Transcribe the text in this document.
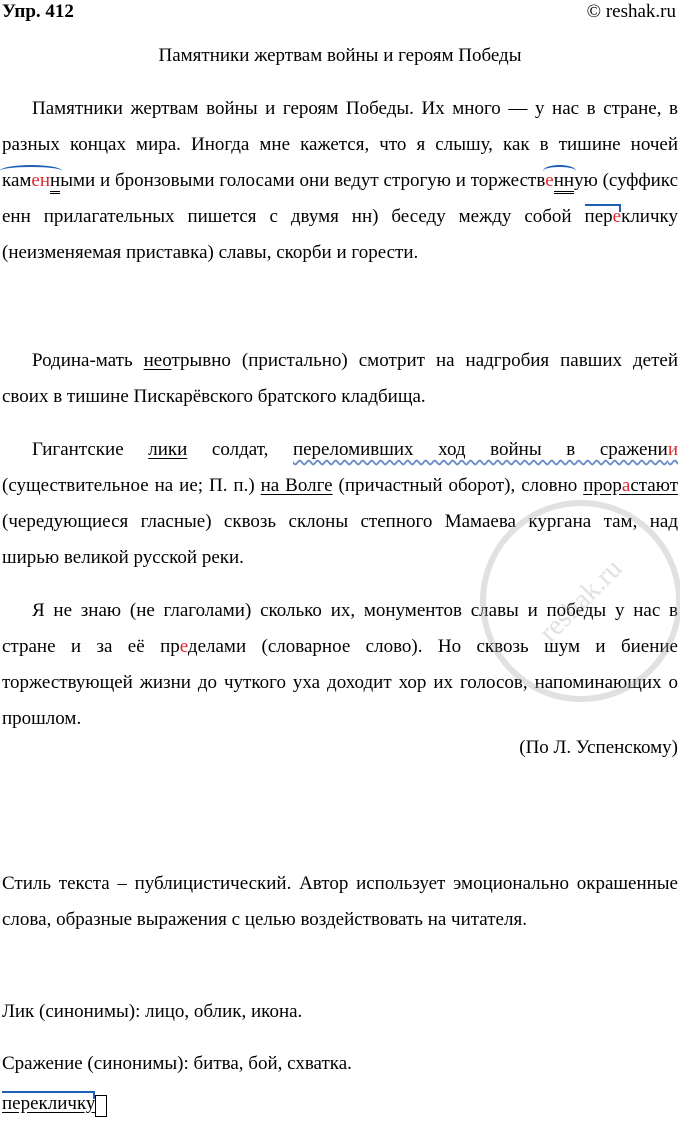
Упр. 412	© reshak.ru
Памятники жертвам войны и героям Победы

Памятники жертвам войны и героям Победы. Их много — у нас в стране, в разных концах мира. Иногда мне кажется, что я слышу, как в тишине ночей каменными и бронзовыми голосами они ведут строгую и торжественную (суффикс енн прилагательных пишется с двумя нн) беседу между собой перекличку (неизменяемая приставка) славы, скорби и горести.

Родина-мать неотрывно (пристально) смотрит на надгробия павших детей своих в тишине Пискарёвского братского кладбища.

Гигантские лики солдат, переломивших ход войны в сражении (существительное на ие; П. п.) на Волге (причастный оборот), словно прорастают (чередующиеся гласные) сквозь склоны степного Мамаева кургана там, над ширью великой русской реки.

Я не знаю (не глаголами) сколько их, монументов славы и победы у нас в стране и за её пределами (словарное слово). Но сквозь шум и биение торжествующей жизни до чуткого уха доходит хор их голосов, напоминающих о прошлом.

(По Л. Успенскому)

Стиль текста – публицистический. Автор использует эмоционально окрашенные слова, образные выражения с целью воздействовать на читателя.

Лик (синонимы): лицо, облик, икона.

Сражение (синонимы): битва, бой, схватка.

перекличку
reshak.ru
